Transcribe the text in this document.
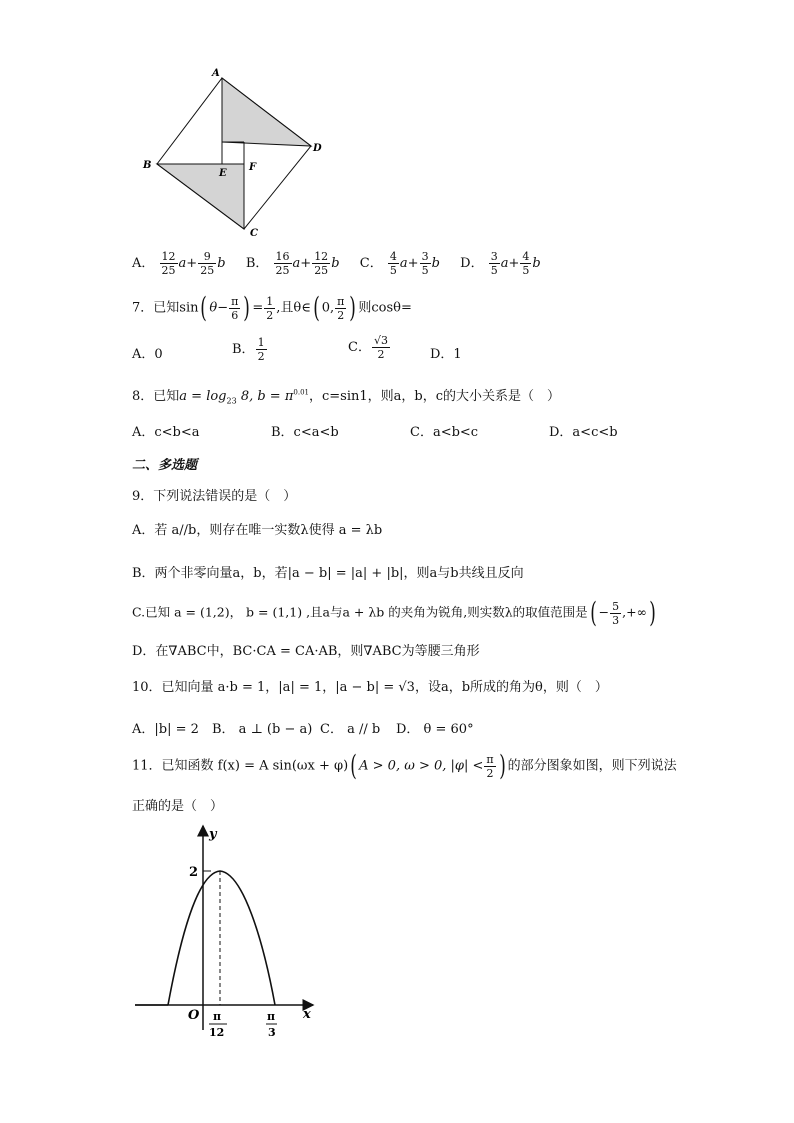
A
B
C
D
E
F
A． $\frac{12}{25} a+ \frac{9}{25}$ b B． $\frac{16}{25} a+ \frac{12}{25}$ b C． $\frac{4}{5} a+ \frac{3}{5}$ b D． $\frac{3}{5} a+ \frac{4}{5}$ b
7．已知sin( $\theta- \frac{\pi}{6}$ ) = $\frac{1}{2}$ ,且θ∈( 0, $\frac{\pi}{2}$ ) 则cosθ=
A．0	B． $\frac{1}{2}$	C． $\frac{√3}{2}$	D．1
8．已知$a = \log_{23} 8$, $b = \pi^{0.01}$，c=sin1，则a，b，c的大小关系是（　）
A．c<b<a	B．c<a<b	C．a<b<c	D．a<c<b
二、多选题
9．下列说法错误的是（　）
A．若 a//b，则存在唯一实数λ使得 a = λb
B．两个非零向量a，b，若|a − b| = |a| + |b|，则a与b共线且反向
C.已知 a = (1,2)， b = (1,1) ,且a与a + λb 的夹角为锐角,则实数λ的取值范围是( − $\frac{5}{3}$ ,+∞)
D．在∇ABC中，BC·CA = CA·AB，则∇ABC为等腰三角形
10．已知向量 a·b = 1，|a| = 1，|a − b| = √3，设a，b所成的角为θ，则（　）
A．|b| = 2 B． a ⊥ (b − a) C． a // b D． θ = 60°
11．已知函数 f(x) = A sin(ωx + φ)( A > 0, ω > 0, $|\varphi| < \frac{\pi}{2}$ ) 的部分图象如图，则下列说法
正确的是（　）
y
x
O
2
π
12
π
3
